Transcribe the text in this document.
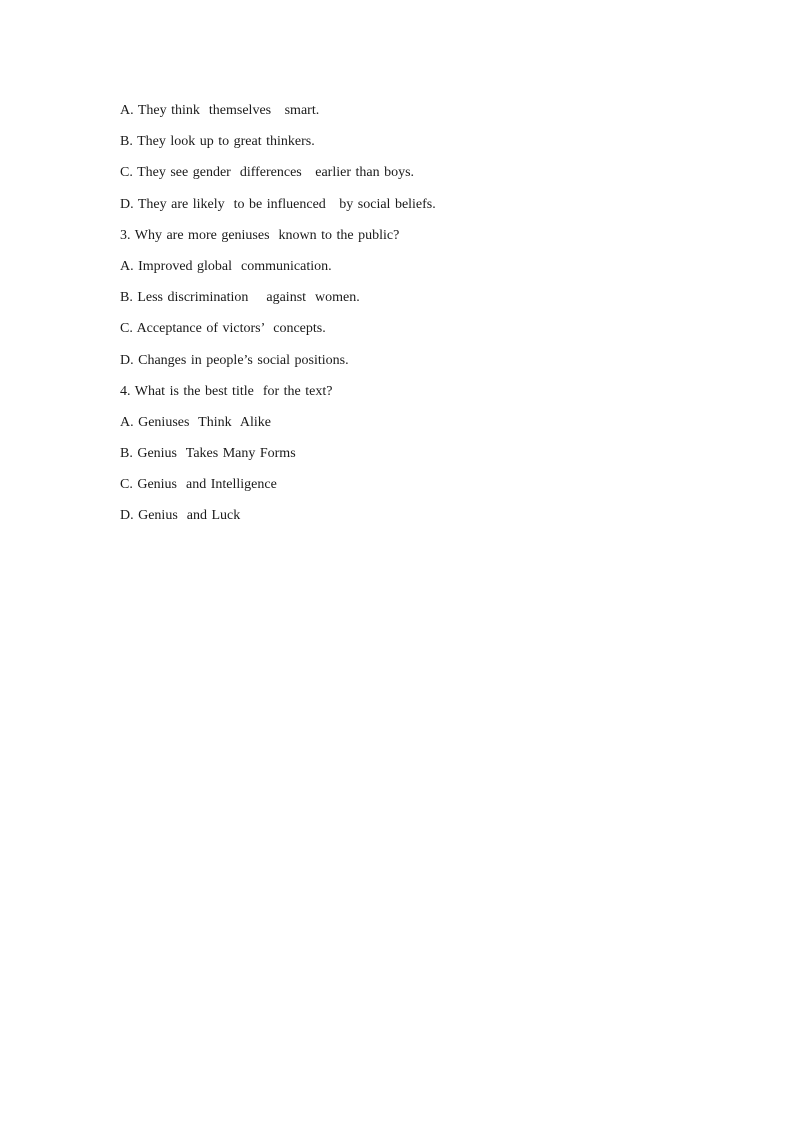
A. They think  themselves   smart.
B. They look up to great thinkers.
C. They see gender  differences   earlier than boys.
D. They are likely  to be influenced   by social beliefs.
3. Why are more geniuses  known to the public?
A. Improved global  communication.
B. Less discrimination    against  women.
C. Acceptance of victors’  concepts.
D. Changes in people’s social positions.
4. What is the best title  for the text?
A. Geniuses  Think  Alike
B. Genius  Takes Many Forms
C. Genius  and Intelligence
D. Genius  and Luck
